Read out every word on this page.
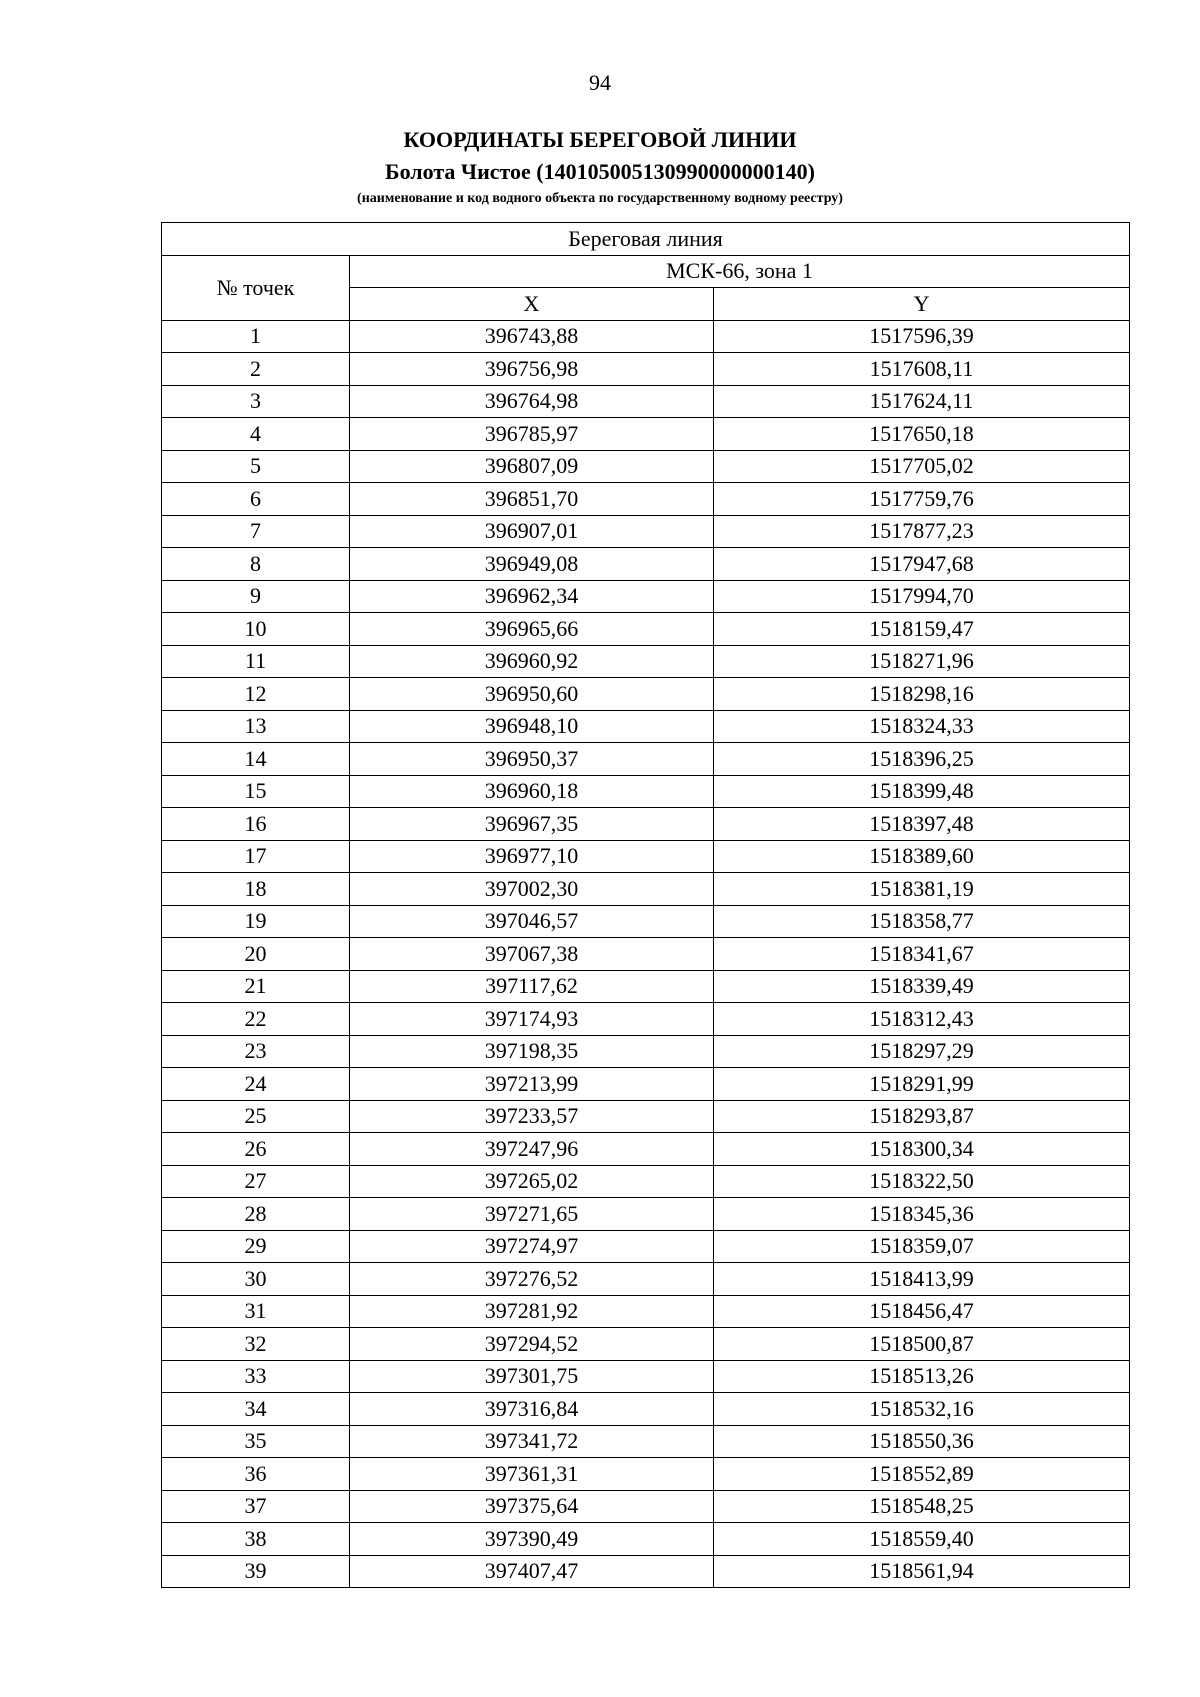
94
КООРДИНАТЫ БЕРЕГОВОЙ ЛИНИИ
Болота Чистое (140105005130990000000140)
(наименование и код водного объекта по государственному водному реестру)
Береговая линия		
№ точек	МСК-66, зона 1	
	X	Y
1	396743,88	1517596,39
2	396756,98	1517608,11
3	396764,98	1517624,11
4	396785,97	1517650,18
5	396807,09	1517705,02
6	396851,70	1517759,76
7	396907,01	1517877,23
8	396949,08	1517947,68
9	396962,34	1517994,70
10	396965,66	1518159,47
11	396960,92	1518271,96
12	396950,60	1518298,16
13	396948,10	1518324,33
14	396950,37	1518396,25
15	396960,18	1518399,48
16	396967,35	1518397,48
17	396977,10	1518389,60
18	397002,30	1518381,19
19	397046,57	1518358,77
20	397067,38	1518341,67
21	397117,62	1518339,49
22	397174,93	1518312,43
23	397198,35	1518297,29
24	397213,99	1518291,99
25	397233,57	1518293,87
26	397247,96	1518300,34
27	397265,02	1518322,50
28	397271,65	1518345,36
29	397274,97	1518359,07
30	397276,52	1518413,99
31	397281,92	1518456,47
32	397294,52	1518500,87
33	397301,75	1518513,26
34	397316,84	1518532,16
35	397341,72	1518550,36
36	397361,31	1518552,89
37	397375,64	1518548,25
38	397390,49	1518559,40
39	397407,47	1518561,94
